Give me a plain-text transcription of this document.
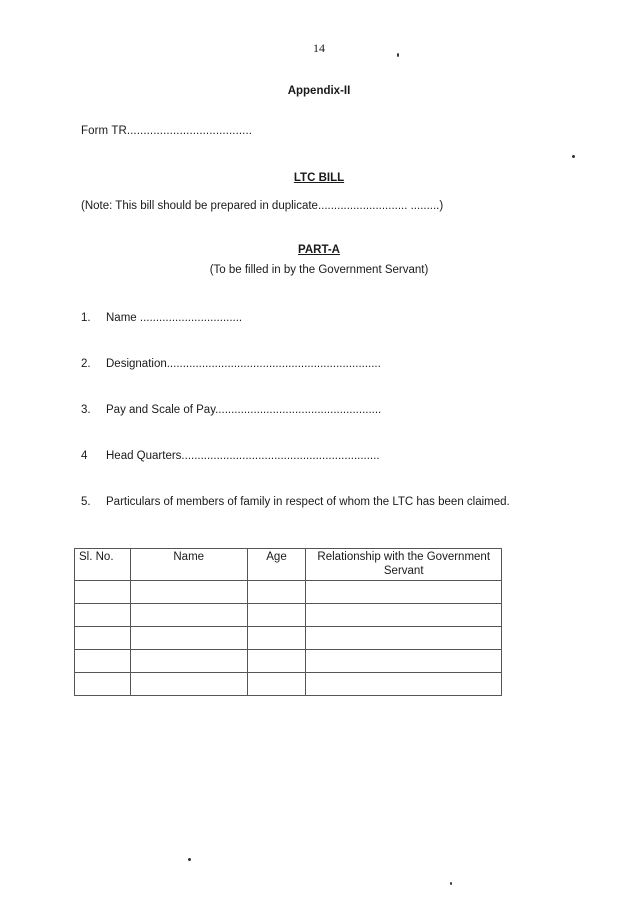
14
Appendix-II
Form TR......................................
LTC BILL
(Note: This bill should be prepared in duplicate............................ .........)
PART-A
(To be filled in by the Government Servant)
1. Name ................................
2. Designation...................................................................
3. Pay and Scale of Pay....................................................
4 Head Quarters..............................................................
5. Particulars of members of family in respect of whom the LTC has been claimed.
Sl. No.	Name	Age	Relationship with the Government Servant
